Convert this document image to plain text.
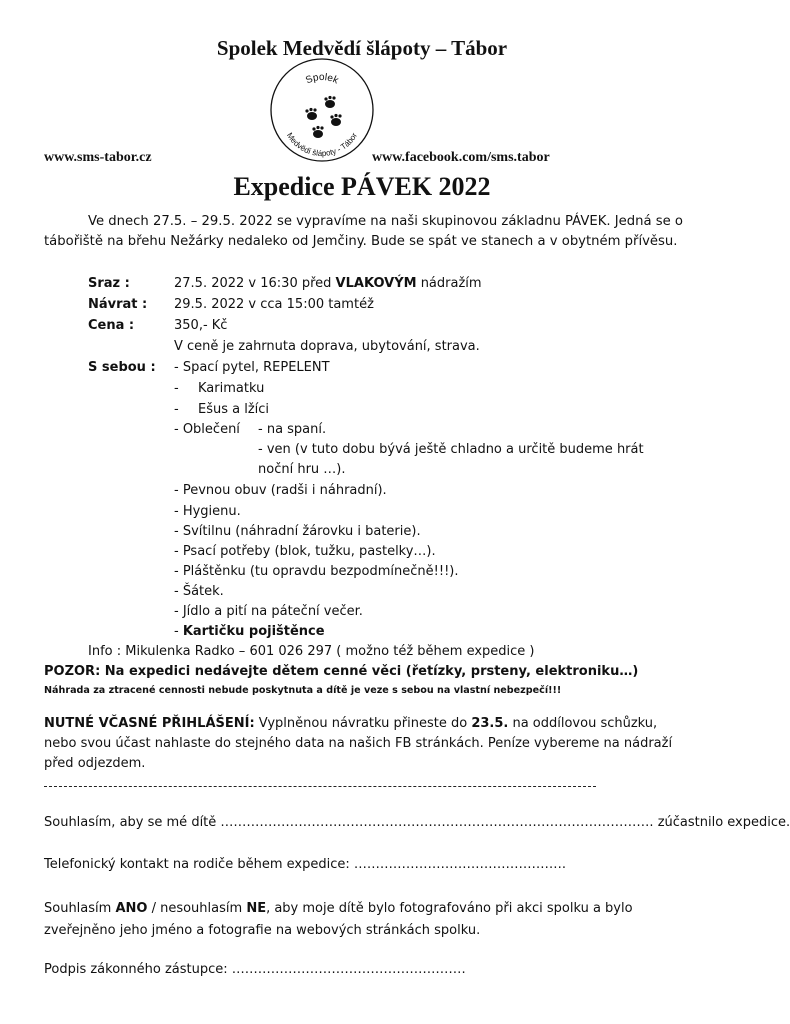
Spolek Medvědí šlápoty – Tábor
Spolek
Medvědí šlápoty - Tábor
www.sms-tabor.cz	www.facebook.com/sms.tabor
Expedice PÁVEK 2022

Ve dnech 27.5. – 29.5. 2022 se vypravíme na naši skupinovou základnu PÁVEK. Jedná se o tábořiště na břehu Nežárky nedaleko od Jemčiny. Bude se spát ve stanech a v obytném přívěsu.

Sraz :	27.5. 2022 v 16:30 před VLAKOVÝM nádražím
Návrat : 29.5. 2022 v cca 15:00 tamtéž
Cena :	350,- Kč
V ceně je zahrnuta doprava, ubytování, strava.
S sebou : - Spací pytel, REPELENT
- Karimatku
- Ešus a lžíci
- Oblečení - na spaní.
- ven (v tuto dobu bývá ještě chladno a určitě budeme hrát
noční hru …).
- Pevnou obuv (radši i náhradní).
- Hygienu.
- Svítilnu (náhradní žárovku i baterie).
- Psací potřeby (blok, tužku, pastelky…).
- Pláštěnku (tu opravdu bezpodmínečně!!!).
- Šátek.
- Jídlo a pití na páteční večer.
- Kartičku pojištěnce
Info : Mikulenka Radko – 601 026 297 ( možno též během expedice )
POZOR: Na expedici nedávejte dětem cenné věci (řetízky, prsteny, elektroniku…)
Náhrada za ztracené cennosti nebude poskytnuta a dítě je veze s sebou na vlastní nebezpečí!!!

NUTNÉ VČASNÉ PŘIHLÁŠENÍ: Vyplněnou návratku přineste do 23.5. na oddílovou schůzku, nebo svou účast nahlaste do stejného data na našich FB stránkách. Peníze vybereme na nádraží před odjezdem.

Souhlasím, aby se mé dítě ………………………………………………………………………………………. zúčastnilo expedice.
Telefonický kontakt na rodiče během expedice: ………………………………………….

Souhlasím ANO / nesouhlasím NE, aby moje dítě bylo fotografováno při akci spolku a bylo zveřejněno jeho jméno a fotografie na webových stránkách spolku.

Podpis zákonného zástupce: ………………………………………………
